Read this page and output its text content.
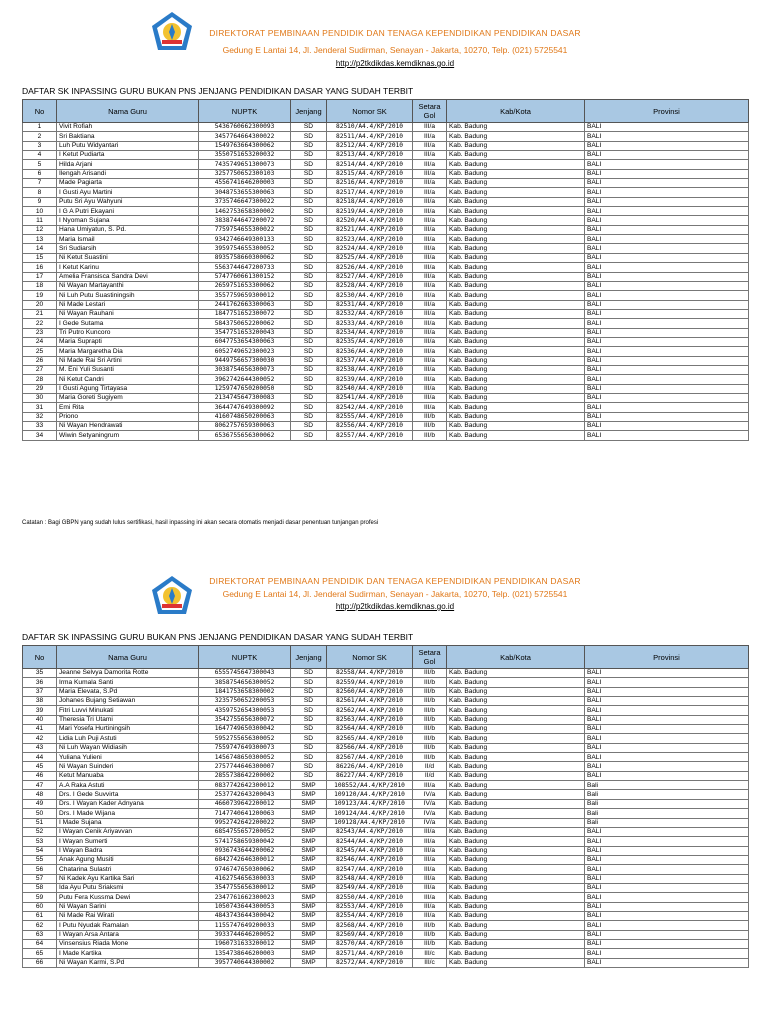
DIREKTORAT PEMBINAAN PENDIDIK DAN TENAGA KEPENDIDIKAN PENDIDIKAN DASAR
Gedung E Lantai 14, Jl. Jenderal Sudirman, Senayan - Jakarta, 10270, Telp. (021) 5725541
http://p2tkdikdas.kemdiknas.go.id
DAFTAR SK INPASSING GURU BUKAN PNS JENJANG PENDIDIKAN DASAR YANG SUDAH TERBIT
No	Nama Guru	NUPTK	Jenjang	Nomor SK	Setara Gol	Kab/Kota	Provinsi
1	Vivit Rofiah	5436760662300093	SD	82510/A4.4/KP/2010	III/a	Kab. Badung	BALI
2	Sri Baktiana	3457764664300022	SD	82511/A4.4/KP/2010	III/a	Kab. Badung	BALI
3	Luh Putu Widyantari	1549763664300062	SD	82512/A4.4/KP/2010	III/a	Kab. Badung	BALI
4	I Ketut Pudiarta	3550751653200032	SD	82513/A4.4/KP/2010	III/a	Kab. Badung	BALI
5	Hilda Arjani	7435749651300073	SD	82514/A4.4/KP/2010	III/a	Kab. Badung	BALI
6	Ilengah Arisandi	3257750652300103	SD	82515/A4.4/KP/2010	III/a	Kab. Badung	BALI
7	Made Pagiarta	4556741646200003	SD	82516/A4.4/KP/2010	III/a	Kab. Badung	BALI
8	I Gusti Ayu Martini	3048753655300063	SD	82517/A4.4/KP/2010	III/a	Kab. Badung	BALI
9	Putu Sri Ayu Wahyuni	3735746647300022	SD	82518/A4.4/KP/2010	III/a	Kab. Badung	BALI
10	I G A Putri Ekayani	1462753658300002	SD	82519/A4.4/KP/2010	III/a	Kab. Badung	BALI
11	I Nyoman Sujana	3838744647200072	SD	82520/A4.4/KP/2010	III/a	Kab. Badung	BALI
12	Hana Umiyatun, S. Pd.	7759754655300022	SD	82521/A4.4/KP/2010	III/a	Kab. Badung	BALI
13	Maria Ismail	9342746649300133	SD	82523/A4.4/KP/2010	III/a	Kab. Badung	BALI
14	Sri Sudiarsih	3959754655300052	SD	82524/A4.4/KP/2010	III/a	Kab. Badung	BALI
15	Ni Ketut Suastini	8935758660300062	SD	82525/A4.4/KP/2010	III/a	Kab. Badung	BALI
16	I Ketut Karinu	5563744647200733	SD	82526/A4.4/KP/2010	III/a	Kab. Badung	BALI
17	Amelia Fransisca Sandra Devi	5747760661300152	SD	82527/A4.4/KP/2010	III/a	Kab. Badung	BALI
18	Ni Wayan Martayanthi	2659751653300062	SD	82528/A4.4/KP/2010	III/a	Kab. Badung	BALI
19	Ni Luh Putu Suastiningsih	3557759659300012	SD	82530/A4.4/KP/2010	III/a	Kab. Badung	BALI
20	Ni Made Lestari	2441762663300063	SD	82531/A4.4/KP/2010	III/a	Kab. Badung	BALI
21	Ni Wayan Rauhani	1847751652300072	SD	82532/A4.4/KP/2010	III/a	Kab. Badung	BALI
22	I Gede Sutama	5843750652200062	SD	82533/A4.4/KP/2010	III/a	Kab. Badung	BALI
23	Tri Putro Kuncoro	3547751653200043	SD	82534/A4.4/KP/2010	III/a	Kab. Badung	BALI
24	Maria Suprapti	6047753654300063	SD	82535/A4.4/KP/2010	III/a	Kab. Badung	BALI
25	Maria Margaretha Dia	6052749652300023	SD	82536/A4.4/KP/2010	III/a	Kab. Badung	BALI
26	Ni Made Rai Sri Artini	9449756657300030	SD	82537/A4.4/KP/2010	III/a	Kab. Badung	BALI
27	M. Eni Yuli Susanti	3038754656300073	SD	82538/A4.4/KP/2010	III/a	Kab. Badung	BALI
28	Ni Ketut Candri	3962742644300052	SD	82539/A4.4/KP/2010	III/a	Kab. Badung	BALI
29	I Gusti Agung Tirtayasa	1259747650200050	SD	82540/A4.4/KP/2010	III/a	Kab. Badung	BALI
30	Maria Goreti Sugiyem	2134745647300083	SD	82541/A4.4/KP/2010	III/a	Kab. Badung	BALI
31	Emi Rita	3644747649300092	SD	82542/A4.4/KP/2010	III/a	Kab. Badung	BALI
32	Priono	4160748650200063	SD	82555/A4.4/KP/2010	III/b	Kab. Badung	BALI
33	Ni Wayan Hendrawati	8062757659300063	SD	82556/A4.4/KP/2010	III/b	Kab. Badung	BALI
34	Wiwin Setyaningrum	6536755656300062	SD	82557/A4.4/KP/2010	III/b	Kab. Badung	BALI
Catatan : Bagi GBPN yang sudah lulus sertifikasi, hasil inpassing ini akan secara otomatis menjadi dasar penentuan tunjangan profesi
DIREKTORAT PEMBINAAN PENDIDIK DAN TENAGA KEPENDIDIKAN PENDIDIKAN DASAR
Gedung E Lantai 14, Jl. Jenderal Sudirman, Senayan - Jakarta, 10270, Telp. (021) 5725541
http://p2tkdikdas.kemdiknas.go.id
DAFTAR SK INPASSING GURU BUKAN PNS JENJANG PENDIDIKAN DASAR YANG SUDAH TERBIT
No	Nama Guru	NUPTK	Jenjang	Nomor SK	Setara Gol	Kab/Kota	Provinsi
35	Jeanne Selvya Damorita Rotte	6555745647300043	SD	82558/A4.4/KP/2010	III/b	Kab. Badung	BALI
36	Irma Kumala Santi	3858754656300052	SD	82559/A4.4/KP/2010	III/b	Kab. Badung	BALI
37	Maria Elevata, S.Pd	1841753658300002	SD	82560/A4.4/KP/2010	III/b	Kab. Badung	BALI
38	Johanes Bujang Setiawan	3235750652200053	SD	82561/A4.4/KP/2010	III/b	Kab. Badung	BALI
39	Fitri Luvvi Minukati	4359752654300053	SD	82562/A4.4/KP/2010	III/b	Kab. Badung	BALI
40	Theresia Tri Utami	3542755656300072	SD	82563/A4.4/KP/2010	III/b	Kab. Badung	BALI
41	Mari Yosefa Hurtiningsih	1647749650300042	SD	82564/A4.4/KP/2010	III/b	Kab. Badung	BALI
42	Lidia Luh Puji Astuti	5952755656300052	SD	82565/A4.4/KP/2010	III/b	Kab. Badung	BALI
43	Ni Luh Wayan Widiasih	7559747649300073	SD	82566/A4.4/KP/2010	III/b	Kab. Badung	BALI
44	Yuliana Yulieni	1456748650300052	SD	82567/A4.4/KP/2010	III/b	Kab. Badung	BALI
45	Ni Wayan Suinderi	2757744646300007	SD	86226/A4.4/KP/2010	II/d	Kab. Badung	BALI
46	Ketut Manuaba	2855738642200002	SD	86227/A4.4/KP/2010	II/d	Kab. Badung	BALI
47	A.A Raka Astuti	0837742642300012	SMP	108552/A4.4/KP/2010	III/a	Kab. Badung	Bali
48	Drs. I Gede Suvvirta	2537742643200043	SMP	109120/A4.4/KP/2010	IV/a	Kab. Badung	Bali
49	Drs. I Wayan Kader Adnyana	4660739642200012	SMP	109123/A4.4/KP/2010	IV/a	Kab. Badung	Bali
50	Drs. I Made Wijana	7147740641200063	SMP	109124/A4.4/KP/2010	IV/a	Kab. Badung	Bali
51	I Made Sujana	9952742642200022	SMP	109128/A4.4/KP/2010	IV/a	Kab. Badung	Bali
52	I Wayan Cenik Ariyavvan	6854755657200052	SMP	82543/A4.4/KP/2010	III/a	Kab. Badung	BALI
53	I Wayan Sumerti	5741758659300042	SMP	82544/A4.4/KP/2010	III/a	Kab. Badung	BALI
54	I Wayan Badra	0936743644200062	SMP	82545/A4.4/KP/2010	III/a	Kab. Badung	BALI
55	Anak Agung Musiti	6842742646300012	SMP	82546/A4.4/KP/2010	III/a	Kab. Badung	BALI
56	Chatarina Sulastri	9746747650300062	SMP	82547/A4.4/KP/2010	III/a	Kab. Badung	BALI
57	Ni Kadek Ayu Kartika Sari	4162754656300033	SMP	82548/A4.4/KP/2010	III/a	Kab. Badung	BALI
58	Ida Ayu Putu Sriaksmi	3547755656300012	SMP	82549/A4.4/KP/2010	III/a	Kab. Badung	BALI
59	Putu Fera Kussma Dewi	2347761662300023	SMP	82550/A4.4/KP/2010	III/a	Kab. Badung	BALI
60	Ni Wayan Sarini	1050743644300053	SMP	82553/A4.4/KP/2010	III/a	Kab. Badung	BALI
61	Ni Made Rai Wirati	4843743644300042	SMP	82554/A4.4/KP/2010	III/a	Kab. Badung	BALI
62	I Putu Nyudak Ramalan	1155747649200033	SMP	82568/A4.4/KP/2010	III/b	Kab. Badung	BALI
63	I Wayan Arsa Antara	3933744646200052	SMP	82569/A4.4/KP/2010	III/b	Kab. Badung	BALI
64	Vinsensius Riada Mone	1960731633200012	SMP	82570/A4.4/KP/2010	III/b	Kab. Badung	BALI
65	I Made Kartika	1354738646200003	SMP	82571/A4.4/KP/2010	III/c	Kab. Badung	BALI
66	Ni Wayan Karmi, S.Pd	3957740644300002	SMP	82572/A4.4/KP/2010	III/c	Kab. Badung	BALI
